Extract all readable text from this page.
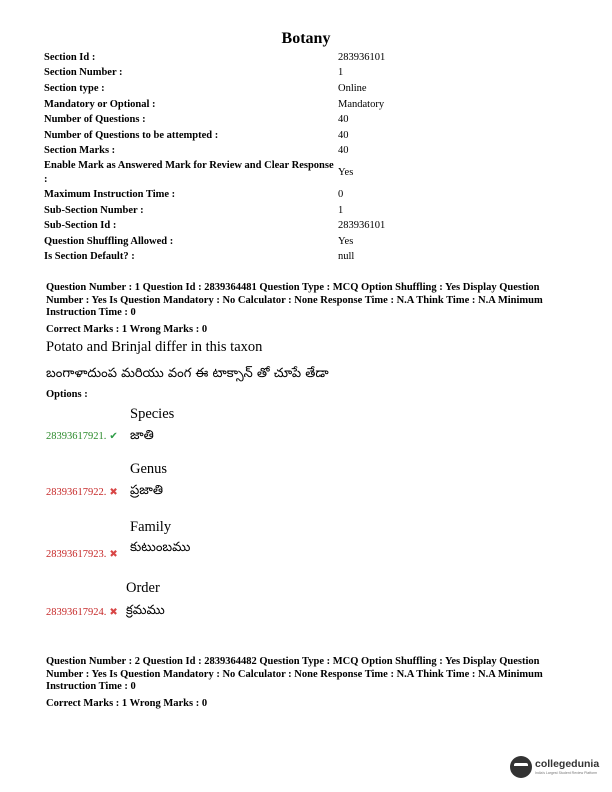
Botany
Section Id :	283936101
Section Number :	1
Section type :	Online
Mandatory or Optional :	Mandatory
Number of Questions :	40
Number of Questions to be attempted :	40
Section Marks :	40
Enable Mark as Answered Mark for Review and Clear Response :
Yes
Maximum Instruction Time :	0
Sub-Section Number :	1
Sub-Section Id :	283936101
Question Shuffling Allowed :	Yes
Is Section Default? :	null
Question Number : 1 Question Id : 2839364481 Question Type : MCQ Option Shuffling : Yes Display Question Number : Yes Is Question Mandatory : No Calculator : None Response Time : N.A Think Time : N.A Minimum Instruction Time : 0
Correct Marks : 1 Wrong Marks : 0
Potato and Brinjal differ in this taxon
బంగాళాదుంప మరియు వంగ ఈ టాక్సాన్ తో చూపే తేడా
Options :
Species
28393617921. ✔ జాతి
Genus
28393617922. ✖ ప్రజాతి
Family
28393617923. ✖ కుటుంబము
Order
28393617924. ✖ క్రమము
Question Number : 2 Question Id : 2839364482 Question Type : MCQ Option Shuffling : Yes Display Question Number : Yes Is Question Mandatory : No Calculator : None Response Time : N.A Think Time : N.A Minimum Instruction Time : 0
Correct Marks : 1 Wrong Marks : 0
collegedunia
India's Largest Student Review Platform
